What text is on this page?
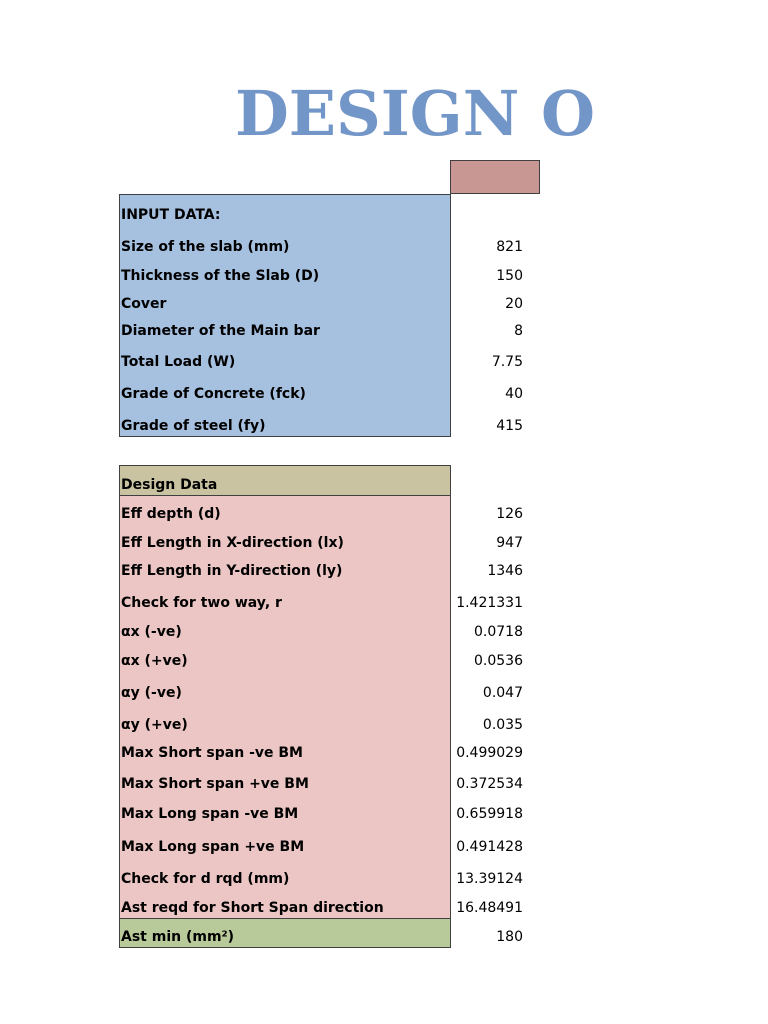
DESIGN O
INPUT DATA:
Size of the slab (mm)	821
Thickness of the Slab (D)	150
Cover	20
Diameter of the Main bar	8
Total Load (W)	7.75
Grade of Concrete (fck)	40
Grade of steel (fy)	415
Design Data
Eff depth (d)	126
Eff Length in X-direction (lx)	947
Eff Length in Y-direction (ly)	1346
Check for two way, r	1.421331
αx (-ve)	0.0718
αx (+ve)	0.0536
αy (-ve)	0.047
αy (+ve)	0.035
Max Short span -ve BM	0.499029
Max Short span +ve BM	0.372534
Max Long span -ve BM	0.659918
Max Long span +ve BM	0.491428
Check for d rqd (mm)	13.39124
Ast reqd for Short Span direction	16.48491
Ast min (mm²)	180
